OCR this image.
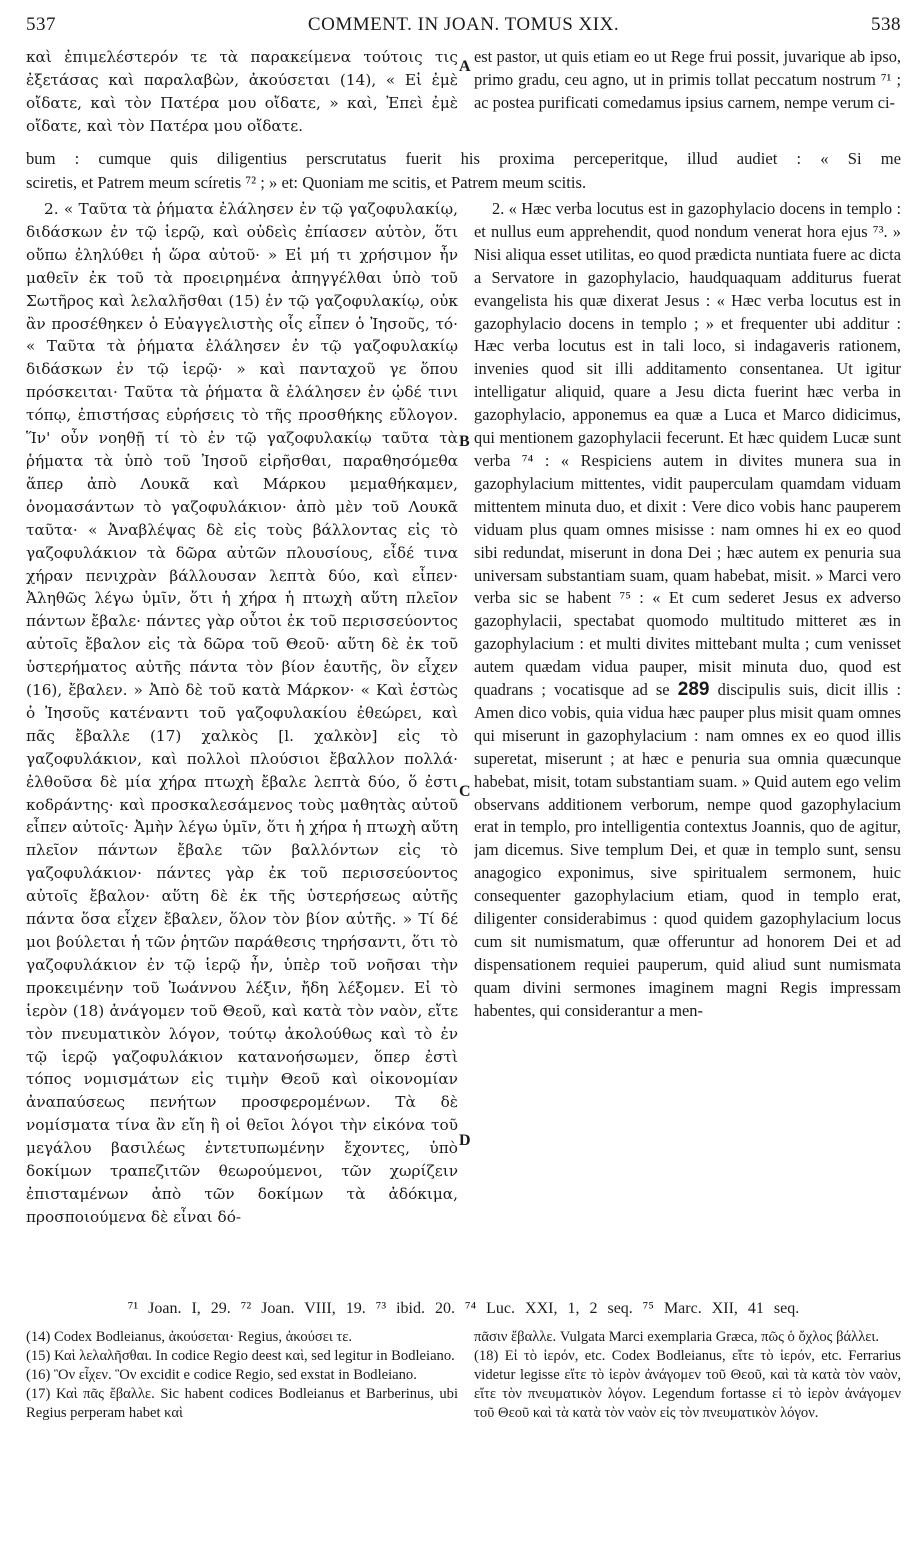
537	COMMENT. IN JOAN. TOMUS XIX.	538

καὶ ἐπιμελέστερόν τε τὰ παρακείμενα τούτοις τις ἐξετάσας καὶ παραλαβὼν, ἀκούσεται (14), « Εἰ ἐμὲ οἴδατε, καὶ τὸν Πατέρα μου οἴδατε, » καὶ, Ἐπεὶ ἐμὲ οἴδατε, καὶ τὸν Πατέρα μου οἴδατε.

est pastor, ut quis etiam eo ut Rege frui possit, juvarique ab ipso, primo gradu, ceu agno, ut in primis tollat peccatum nostrum ⁷¹ ; ac postea purificati comedamus ipsius carnem, nempe verum ci-

bum : cumque quis diligentius perscrutatus fuerit his proxima perceperitque, illud audiet : « Si me
sciretis, et Patrem meum scíretis ⁷² ; » et: Quoniam me scitis, et Patrem meum scitis.

2. « Ταῦτα τὰ ῥήματα ἐλάλησεν ἐν τῷ γαζοφυλακίῳ, διδάσκων ἐν τῷ ἱερῷ, καὶ οὐδεὶς ἐπίασεν αὐτὸν, ὅτι οὔπω ἐληλύθει ἡ ὥρα αὐτοῦ· » Εἰ μή τι χρήσιμον ἦν μαθεῖν ἐκ τοῦ τὰ προειρημένα ἀπηγγέλθαι ὑπὸ τοῦ Σωτῆρος καὶ λελαλῆσθαι (15) ἐν τῷ γαζοφυλακίῳ, οὐκ ἂν προσέθηκεν ὁ Εὐαγγελιστὴς οἷς εἶπεν ὁ Ἰησοῦς, τό· « Ταῦτα τὰ ῥήματα ἐλάλησεν ἐν τῷ γαζοφυλακίῳ διδάσκων ἐν τῷ ἱερῷ· » καὶ πανταχοῦ γε ὅπου πρόσκειται· Ταῦτα τὰ ῥήματα ἃ ἐλάλησεν ἐν ᾡδέ τινι τόπῳ, ἐπιστήσας εὑρήσεις τὸ τῆς προσθήκης εὔλογον. Ἵν' οὖν νοηθῇ τί τὸ ἐν τῷ γαζοφυλακίῳ ταῦτα τὰ ῥήματα τὰ ὑπὸ τοῦ Ἰησοῦ εἰρῆσθαι, παραθησόμεθα ἅπερ ἀπὸ Λουκᾶ καὶ Μάρκου μεμαθήκαμεν, ὀνομασάντων τὸ γαζοφυλάκιον· ἀπὸ μὲν τοῦ Λουκᾶ ταῦτα· « Ἀναβλέψας δὲ εἰς τοὺς βάλλοντας εἰς τὸ γαζοφυλάκιον τὰ δῶρα αὐτῶν πλουσίους, εἶδέ τινα χήραν πενιχρὰν βάλλουσαν λεπτὰ δύο, καὶ εἶπεν· Ἀληθῶς λέγω ὑμῖν, ὅτι ἡ χήρα ἡ πτωχὴ αὕτη πλεῖον πάντων ἔβαλε· πάντες γὰρ οὗτοι ἐκ τοῦ περισσεύοντος αὐτοῖς ἔβαλον εἰς τὰ δῶρα τοῦ Θεοῦ· αὕτη δὲ ἐκ τοῦ ὑστερήματος αὐτῆς πάντα τὸν βίον ἑαυτῆς, ὃν εἶχεν (16), ἔβαλεν. » Ἀπὸ δὲ τοῦ κατὰ Μάρκον· « Καὶ ἑστὼς ὁ Ἰησοῦς κατέναντι τοῦ γαζοφυλακίου ἐθεώρει, καὶ πᾶς ἔβαλλε (17) χαλκὸς [l. χαλκὸν] εἰς τὸ γαζοφυλάκιον, καὶ πολλοὶ πλούσιοι ἔβαλλον πολλά· ἐλθοῦσα δὲ μία χήρα πτωχὴ ἔβαλε λεπτὰ δύο, ὅ ἐστι κοδράντης· καὶ προσκαλεσάμενος τοὺς μαθητὰς αὐτοῦ εἶπεν αὐτοῖς· Ἀμὴν λέγω ὑμῖν, ὅτι ἡ χήρα ἡ πτωχὴ αὕτη πλεῖον πάντων ἔβαλε τῶν βαλλόντων εἰς τὸ γαζοφυλάκιον· πάντες γὰρ ἐκ τοῦ περισσεύοντος αὐτοῖς ἔβαλον· αὕτη δὲ ἐκ τῆς ὑστερήσεως αὐτῆς πάντα ὅσα εἶχεν ἔβαλεν, ὅλον τὸν βίον αὐτῆς. » Τί δέ μοι βούλεται ἡ τῶν ῥητῶν παράθεσις τηρήσαντι, ὅτι τὸ γαζοφυλάκιον ἐν τῷ ἱερῷ ἦν, ὑπὲρ τοῦ νοῆσαι τὴν προκειμένην τοῦ Ἰωάννου λέξιν, ἤδη λέξομεν. Εἰ τὸ ἱερὸν (18) ἀνάγομεν τοῦ Θεοῦ, καὶ κατὰ τὸν ναὸν, εἴτε τὸν πνευματικὸν λόγον, τούτῳ ἀκολούθως καὶ τὸ ἐν τῷ ἱερῷ γαζοφυλάκιον κατανοήσωμεν, ὅπερ ἐστὶ τόπος νομισμάτων εἰς τιμὴν Θεοῦ καὶ οἰκονομίαν ἀναπαύσεως πενήτων προσφερομένων. Τὰ δὲ νομίσματα τίνα ἂν εἴη ἢ οἱ θεῖοι λόγοι τὴν εἰκόνα τοῦ μεγάλου βασιλέως ἐντετυπωμένην ἔχοντες, ὑπὸ δοκίμων τραπεζιτῶν θεωρούμενοι, τῶν χωρίζειν ἐπισταμένων ἀπὸ τῶν δοκίμων τὰ ἀδόκιμα, προσποιούμενα δὲ εἶναι δό-

2. « Hæc verba locutus est in gazophylacio docens in templo : et nullus eum apprehendit, quod nondum venerat hora ejus ⁷³. » Nisi aliqua esset utilitas, eo quod prædicta nuntiata fuere ac dicta a Servatore in gazophylacio, haudquaquam additurus fuerat evangelista his quæ dixerat Jesus : « Hæc verba locutus est in gazophylacio docens in templo ; » et frequenter ubi additur : Hæc verba locutus est in tali loco, si indagaveris rationem, invenies quod sit illi additamento consentanea. Ut igitur intelligatur aliquid, quare a Jesu dicta fuerint hæc verba in gazophylacio, apponemus ea quæ a Luca et Marco didicimus, qui mentionem gazophylacii fecerunt. Et hæc quidem Lucæ sunt verba ⁷⁴ : « Respiciens autem in divites munera sua in gazophylacium mittentes, vidit pauperculam quamdam viduam mittentem minuta duo, et dixit : Vere dico vobis hanc pauperem viduam plus quam omnes misisse : nam omnes hi ex eo quod sibi redundat, miserunt in dona Dei ; hæc autem ex penuria sua universam substantiam suam, quam habebat, misit. » Marci vero verba sic se habent ⁷⁵ : « Et cum sederet Jesus ex adverso gazophylacii, spectabat quomodo multitudo mitteret æs in gazophylacium : et multi divites mittebant multa ; cum venisset autem quædam vidua pauper, misit minuta duo, quod est quadrans ; vocatisque ad se 289 discipulis suis, dicit illis : Amen dico vobis, quia vidua hæc pauper plus misit quam omnes qui miserunt in gazophylacium : nam omnes ex eo quod illis superetat, miserunt ; at hæc e penuria sua omnia quæcunque habebat, misit, totam substantiam suam. » Quid autem ego velim observans additionem verborum, nempe quod gazophylacium erat in templo, pro intelligentia contextus Joannis, quo de agitur, jam dicemus. Sive templum Dei, et quæ in templo sunt, sensu anagogico exponimus, sive spiritualem sermonem, huic consequenter gazophylacium etiam, quod in templo erat, diligenter considerabimus : quod quidem gazophylacium locus cum sit numismatum, quæ offeruntur ad honorem Dei et ad dispensationem requiei pauperum, quid aliud sunt numismata quam divini sermones imaginem magni Regis impressam habentes, qui considerantur a men-

A
B
C
D
⁷¹ Joan. I, 29. ⁷² Joan. VIII, 19. ⁷³ ibid. 20. ⁷⁴ Luc. XXI, 1, 2 seq. ⁷⁵ Marc. XII, 41 seq.

(14) Codex Bodleianus, ἀκούσεται· Regius, ἀκούσει τε.

(15) Καὶ λελαλῆσθαι. In codice Regio deest καὶ, sed legitur in Bodleiano.

(16) Ὃν εἶχεν. Ὃν excidit e codice Regio, sed exstat in Bodleiano.

(17) Καὶ πᾶς ἔβαλλε. Sic habent codices Bodleianus et Barberinus, ubi Regius perperam habet καὶ

πᾶσιν ἔβαλλε. Vulgata Marci exemplaria Græca, πῶς ὁ ὄχλος βάλλει.

(18) Εἰ τὸ ἱερόν, etc. Codex Bodleianus, εἴτε τὸ ἱερόν, etc. Ferrarius videtur legisse εἴτε τὸ ἱερὸν ἀνάγομεν τοῦ Θεοῦ, καὶ τὰ κατὰ τὸν ναὸν, εἴτε τὸν πνευματικὸν λόγον. Legendum fortasse εἰ τὸ ἱερὸν ἀνάγομεν τοῦ Θεοῦ καὶ τὰ κατὰ τὸν ναὸν εἰς τὸν πνευματικὸν λόγον.
